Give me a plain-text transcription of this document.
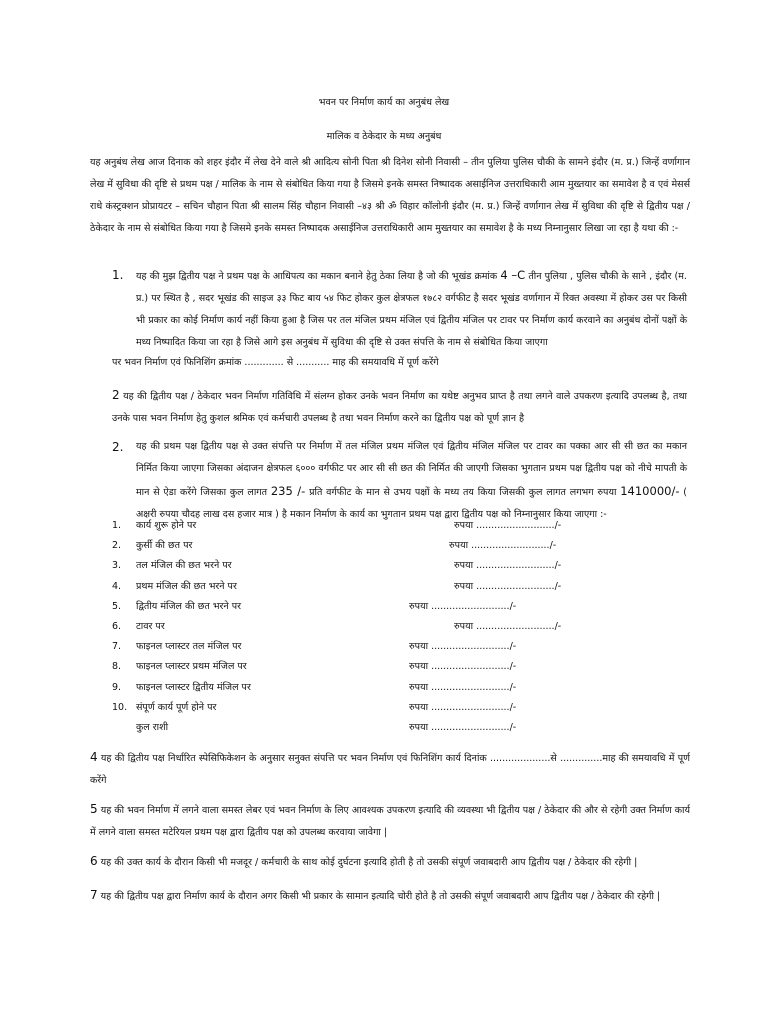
भवन पर निर्माण कार्य का अनुबंध लेख
मालिक व ठेकेदार के मध्य अनुबंध
यह अनुबंध लेख आज दिनाक को शहर इंदौर में लेख देने वाले श्री आदित्य सोनी पिता श्री दिनेश सोनी निवासी – तीन पुलिया पुलिस चौकी के सामने इंदौर (म. प्र.) जिन्हें वर्णागान लेख में सुविधा की दृष्टि से प्रथम पक्ष / मालिक के नाम से संबोधित किया गया है जिसमे इनके समस्त निष्पादक असाईनिज उत्तराधिकारी आम मुख्तयार का समावेश है व एवं मेसर्स राधे कंस्ट्रक्शन प्रोप्रायटर – सचिन चौहान पिता श्री सालम सिंह चौहान निवासी –४३ श्री ॐ विहार कॉलोनी इंदौर (म. प्र.) जिन्हें वर्णागान लेख में सुविधा की दृष्टि से द्वितीय पक्ष / ठेकेदार के नाम से संबोधित किया गया है जिसमे इनके समस्त निष्पादक असाईनिज उत्तराधिकारी आम मुख्तयार का समावेश है के मध्य निम्नानुसार लिखा जा रहा है यथा की :-
1.	यह की मुझ द्वितीय पक्ष ने प्रथम पक्ष के आधिपत्य का मकान बनाने हेतु ठेका लिया है जो की भूखंड क्रमांक 4 –C तीन पुलिया , पुलिस चौकी के साने , इंदौर (म. प्र.) पर स्थित है , सदर भूखंड की साइज ३३ फिट बाय ५४ फिट होकर कुल क्षेत्रफल १७८२ वर्गफीट है सदर भूखंड वर्णागान में रिक्त अवस्था में होकर उस पर किसी भी प्रकार का कोई निर्माण कार्य नहीं किया हुआ है जिस पर तल मंजिल प्रथम मंजिल एवं द्वितीय मंजिल पर टावर पर निर्माण कार्य करवाने का अनुबंध दोनों पक्षों के मध्य निष्पादित किया जा रहा है जिसे आगे इस अनुबंध में सुविधा की दृष्टि से उक्त संपत्ति के नाम से संबोधित किया जाएगा
पर भवन निर्माण एवं फिनिशिंग क्रमांक ............. से ........... माह की समयावधि में पूर्ण करेंगे
2 यह की द्वितीय पक्ष / ठेकेदार भवन निर्माण गतिविधि में संलग्न होकर उनके भवन निर्माण का यथेष्ट अनुभव प्राप्त है तथा लगने वाले उपकरण इत्यादि उपलब्ध है, तथा उनके पास भवन निर्माण हेतु कुशल श्रमिक एवं कर्मचारी उपलब्ध है तथा भवन निर्माण करने का द्वितीय पक्ष को पूर्ण ज्ञान है
2.	यह की प्रथम पक्ष द्वितीय पक्ष से उक्त संपत्ति पर निर्माण में तल मंजिल प्रथम मंजिल एवं द्वितीय मंजिल मंजिल पर टावर का पक्का आर सी सी छत का मकान निर्मित किया जाएगा जिसका अंदाजन क्षेत्रफल ६००० वर्गफीट पर आर सी सी छत की निर्मित की जाएगी जिसका भुगतान प्रथम पक्ष द्वितीय पक्ष को नीचे मापती के मान से ऐडा करेंगे जिसका कुल लागत 235 /- प्रति वर्गफीट के मान से उभय पक्षों के मध्य तय किया जिसकी कुल लागत लगभग रुपया 1410000/- ( अक्षरी रुपया चौदह लाख दस हजार मात्र ) है मकान निर्माण के कार्य का भुगतान प्रथम पक्ष द्वारा द्वितीय पक्ष को निम्नानुसार किया जाएगा :-
1.	कार्य शुरू होने पर	रुपया ........................../-
2.	कुर्सी की छत पर	रुपया ........................../-
3.	तल मंजिल की छत भरने पर	रुपया ........................../-
4.	प्रथम मंजिल की छत भरने पर	रुपया ........................../-
5.	द्वितीय मंजिल की छत भरने पर	रुपया ........................../-
6.	टावर पर	रुपया ........................../-
7.	फाइनल प्लास्टर तल मंजिल पर	रुपया ........................../-
8.	फाइनल प्लास्टर प्रथम मंजिल पर	रुपया ........................../-
9.	फाइनल प्लास्टर द्वितीय मंजिल पर	रुपया ........................../-
10. संपूर्ण कार्य पूर्ण होने पर	रुपया ........................../-
कुल राशी	रुपया ........................../-
4 यह की द्वितीय पक्ष निर्धारित स्पेसिफिकेशन के अनुसार सनुक्त संपत्ति पर भवन निर्माण एवं फिनिशिंग कार्य दिनांक ....................से ..............माह की समयावधि में पूर्ण करेंगे
5 यह की भवन निर्माण में लगने वाला समस्त लेबर एवं भवन निर्माण के लिए आवश्यक उपकरण इत्यादि की व्यवस्था भी द्वितीय पक्ष / ठेकेदार की और से रहेगी उक्त निर्माण कार्य में लगने वाला समस्त मटेरियल प्रथम पक्ष द्वारा द्वितीय पक्ष को उपलब्ध करवाया जावेगा |
6 यह की उक्त कार्य के दौरान किसी भी मजदूर / कर्मचारी के साथ कोई दुर्घटना इत्यादि होती है तो उसकी संपूर्ण जवाबदारी आप द्वितीय पक्ष / ठेकेदार की रहेगी |
7 यह की द्वितीय पक्ष द्वारा निर्माण कार्य के दौरान अगर किसी भी प्रकार के सामान इत्यादि चोरी होते है तो उसकी संपूर्ण जवाबदारी आप द्वितीय पक्ष / ठेकेदार की रहेगी |
